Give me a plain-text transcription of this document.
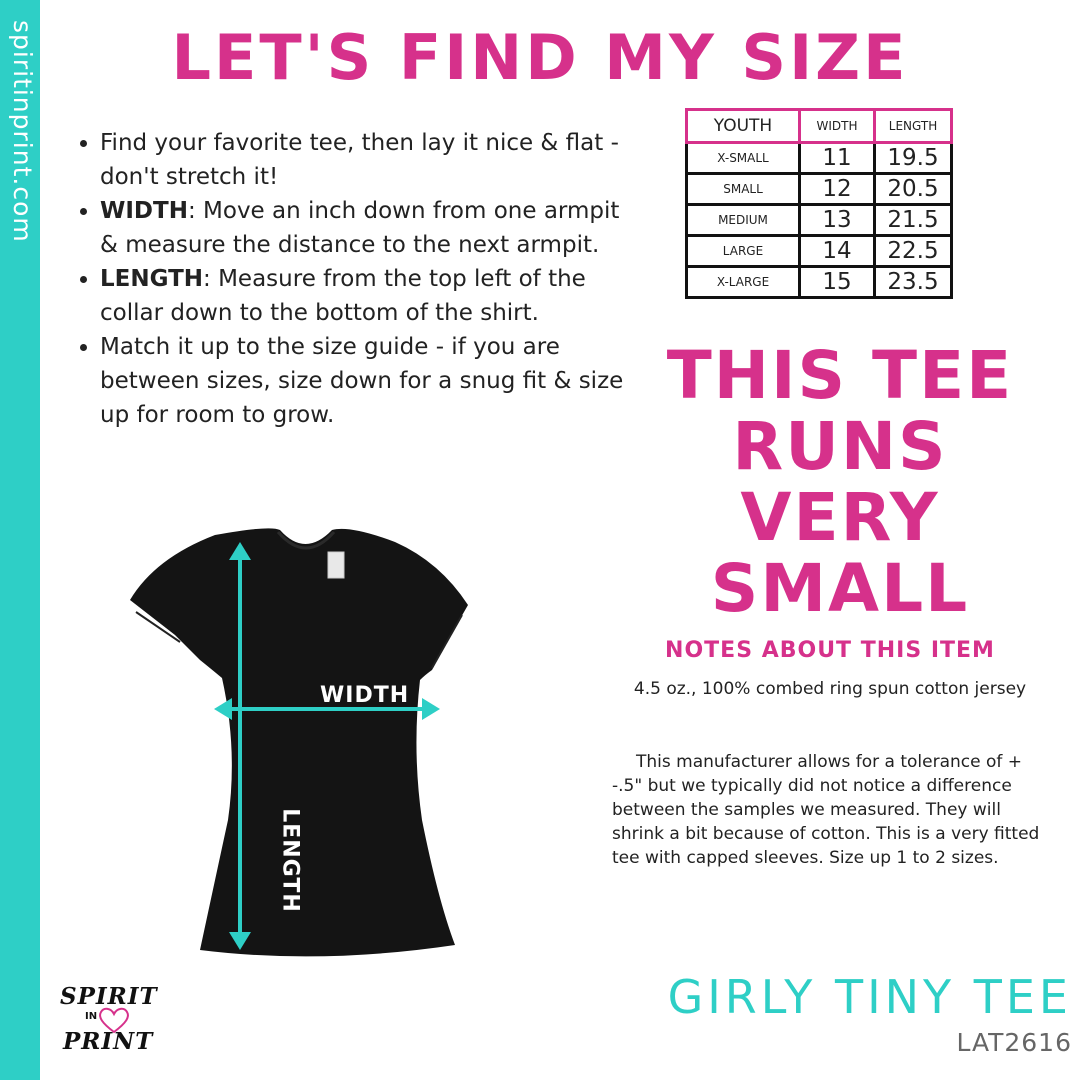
spiritinprint.com	LET'S FIND MY SIZE
• Find your favorite tee, then lay it nice & flat - don't stretch it!
• WIDTH: Move an inch down from one armpit & measure the distance to the next armpit.
• LENGTH: Measure from the top left of the collar down to the bottom of the shirt.
• Match it up to the size guide - if you are between sizes, size down for a snug fit & size up for room to grow.
YOUTH	WIDTH	LENGTH
X-SMALL	11	19.5
SMALL	12	20.5
MEDIUM	13	21.5
LARGE	14	22.5
X-LARGE	15	23.5
THIS TEE
RUNS
VERY
SMALL
NOTES ABOUT THIS ITEM
4.5 oz., 100% combed ring spun cotton jersey
This manufacturer allows for a tolerance of + -.5" but we typically did not notice a difference between the samples we measured. They will shrink a bit because of cotton. This is a very fitted tee with capped sleeves. Size up 1 to 2 sizes.
WIDTH
LENGTH
SPIRIT
IN
PRINT
GIRLY TINY TEE
LAT2616
